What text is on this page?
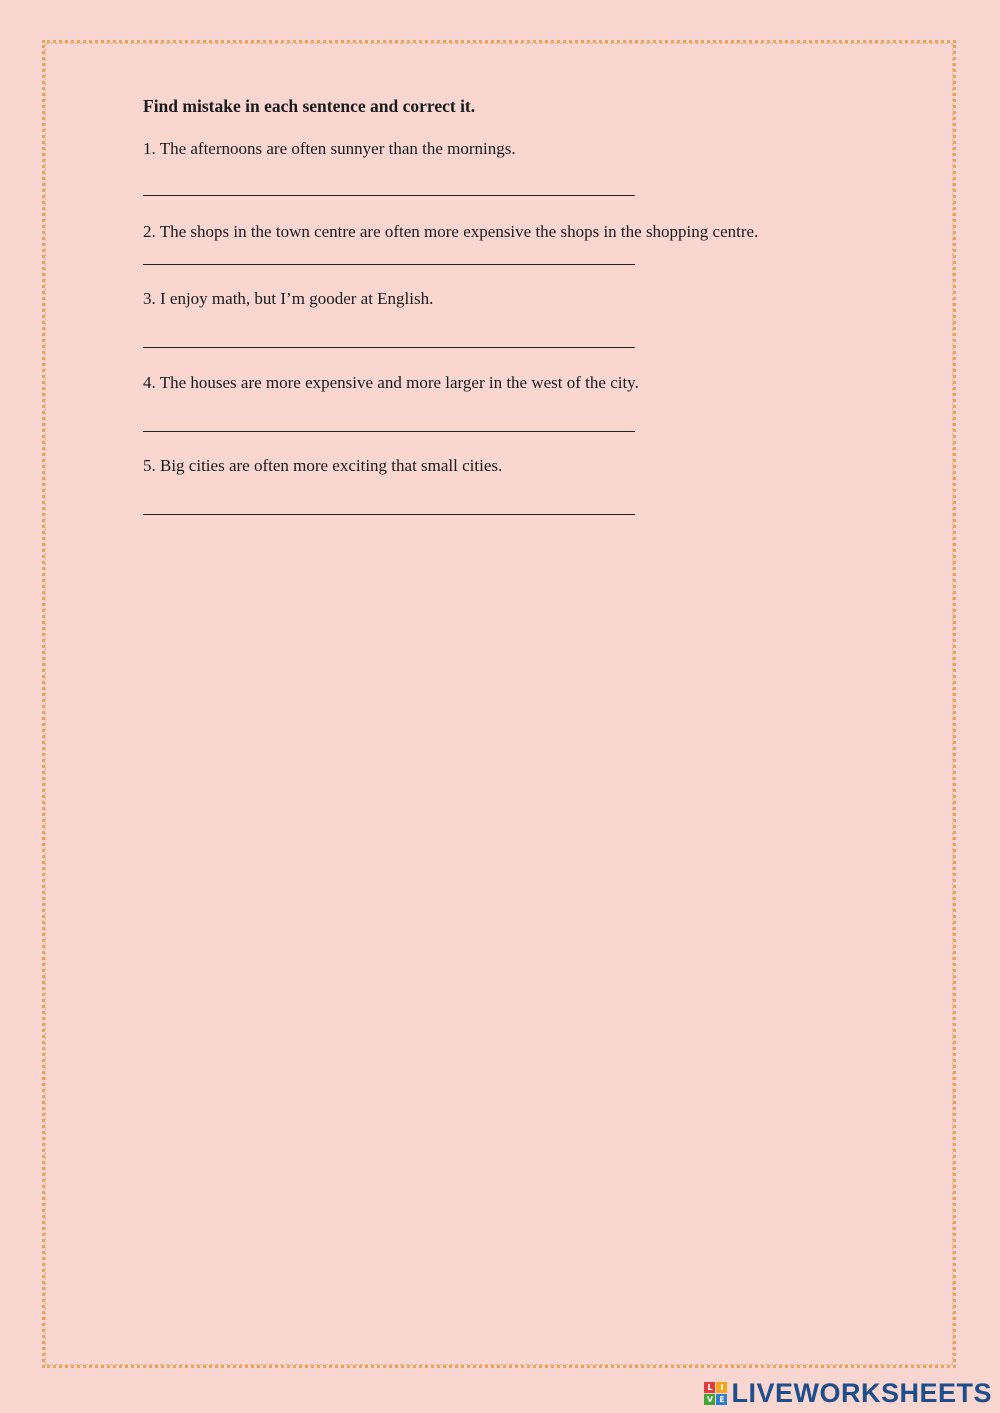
Find mistake in each sentence and correct it.

1. The afternoons are often sunnyer than the mornings.

2. The shops in the town centre are often more expensive the shops in the shopping centre.

3. I enjoy math, but I’m gooder at English.

4. The houses are more expensive and more larger in the west of the city.

5. Big cities are often more exciting that small cities.

L I
V E LIVEWORKSHEETS
